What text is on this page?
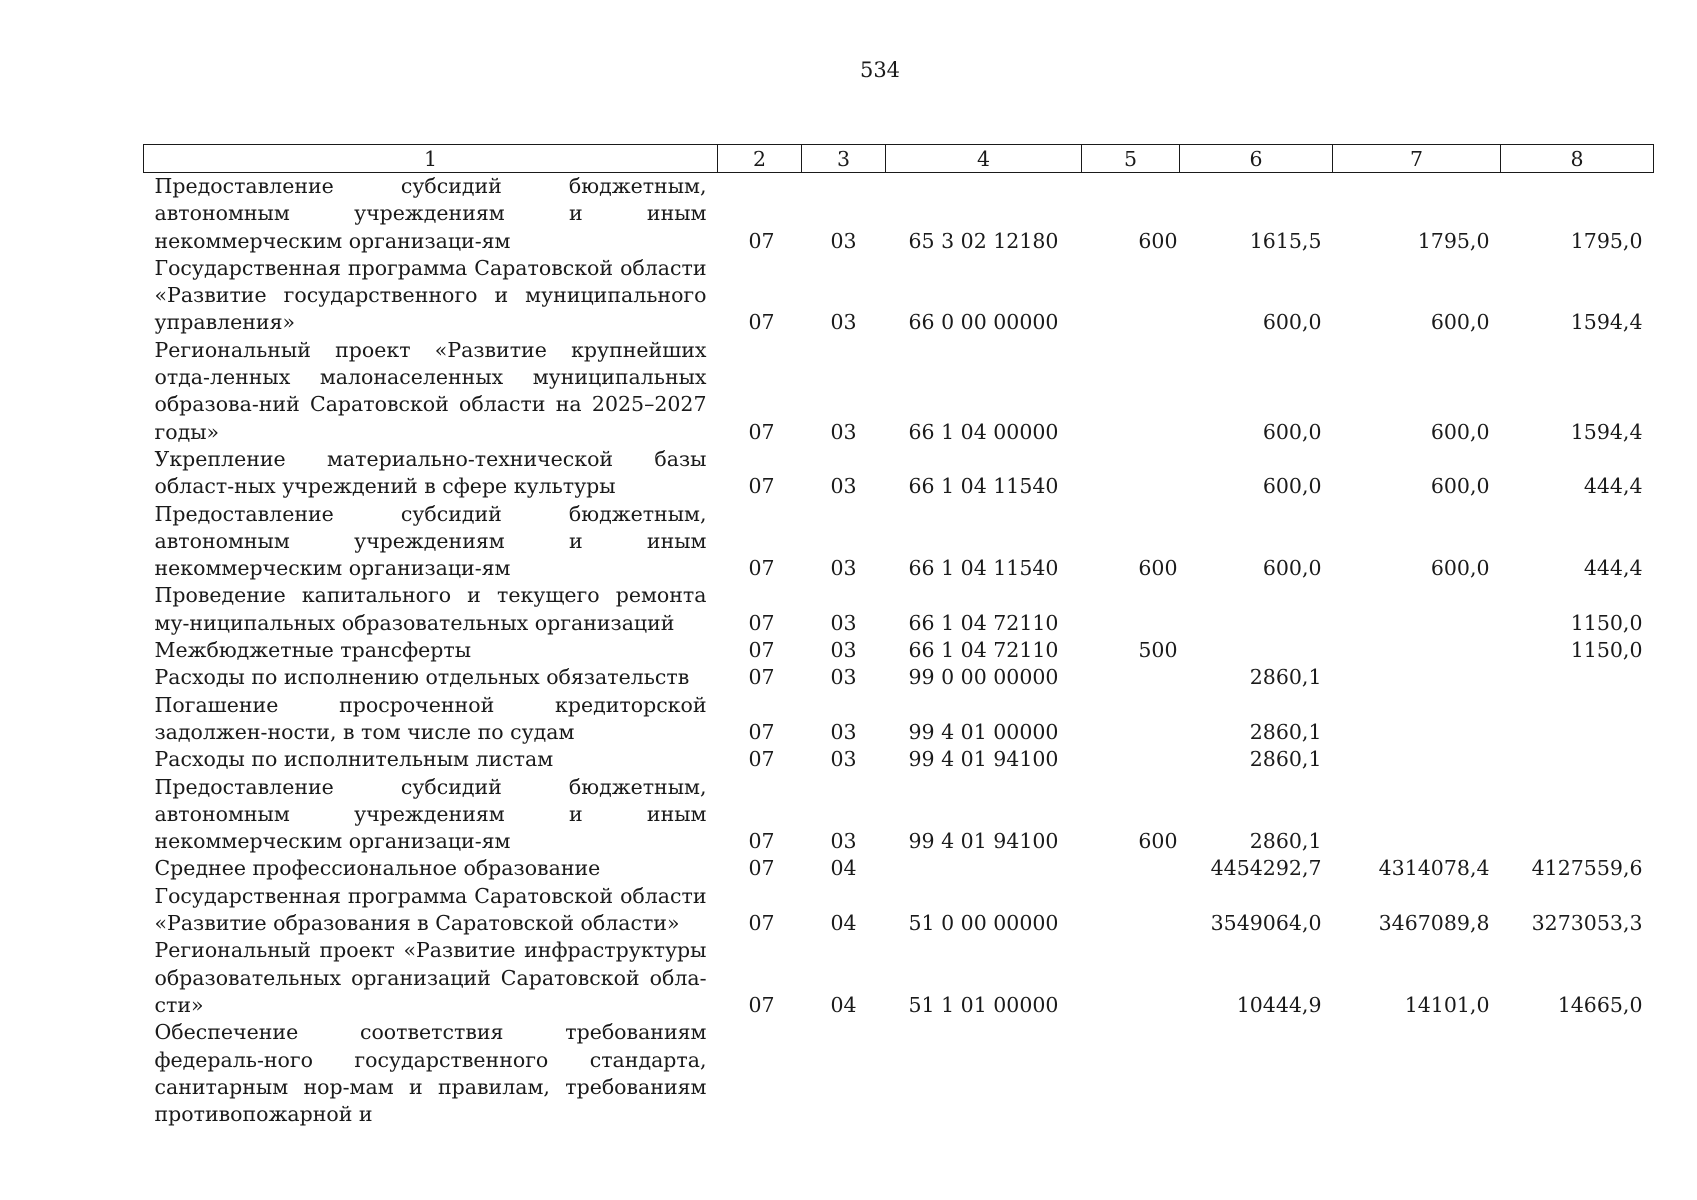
534
1	2	3	4	5	6	7	8
Предоставление субсидий бюджетным, автономным учреждениям и иным некоммерческим организаци-ям	07	03	65 3 02 12180	600	1615,5	1795,0	1795,0
Государственная программа Саратовской области «Развитие государственного и муниципального управления»	07	03	66 0 00 00000		600,0	600,0	1594,4
Региональный проект «Развитие крупнейших отда-ленных малонаселенных муниципальных образова-ний Саратовской области на 2025–2027 годы»	07	03	66 1 04 00000		600,0	600,0	1594,4
Укрепление материально-технической базы област-ных учреждений в сфере культуры	07	03	66 1 04 11540		600,0	600,0	444,4
Предоставление субсидий бюджетным, автономным учреждениям и иным некоммерческим организаци-ям	07	03	66 1 04 11540	600	600,0	600,0	444,4
Проведение капитального и текущего ремонта му-ниципальных образовательных организаций	07	03	66 1 04 72110				1150,0
Межбюджетные трансферты	07	03	66 1 04 72110	500			1150,0
Расходы по исполнению отдельных обязательств	07	03	99 0 00 00000		2860,1		
Погашение просроченной кредиторской задолжен-ности, в том числе по судам	07	03	99 4 01 00000		2860,1		
Расходы по исполнительным листам	07	03	99 4 01 94100		2860,1		
Предоставление субсидий бюджетным, автономным учреждениям и иным некоммерческим организаци-ям	07	03	99 4 01 94100	600	2860,1		
Среднее профессиональное образование	07	04			4454292,7	4314078,4	4127559,6
Государственная программа Саратовской области «Развитие образования в Саратовской области»	07	04	51 0 00 00000		3549064,0	3467089,8	3273053,3
Региональный проект «Развитие инфраструктуры образовательных организаций Саратовской обла-сти»	07	04	51 1 01 00000		10444,9	14101,0	14665,0
Обеспечение соответствия требованиям федераль-ного государственного стандарта, санитарным нор-мам и правилам, требованиям противопожарной и							
